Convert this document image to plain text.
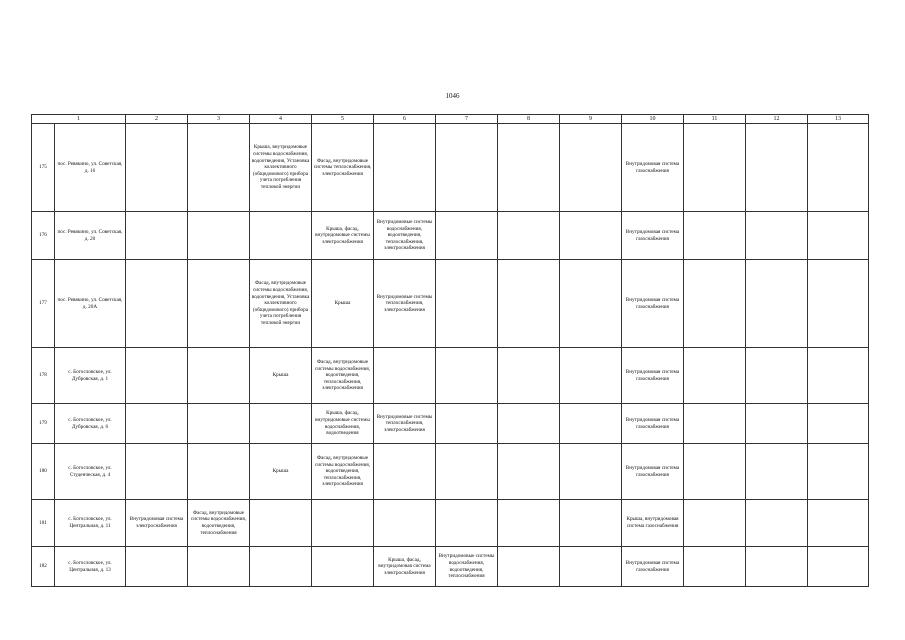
1046
1		2	3	4	5	6	7	8	9	10	11	12	13
175	пос. Ревякино, ул. Советская, д. 16			Крыша, внутридомовые системы водоснабжения, водоотведения, Установка коллективного (общедомового) прибора учета потребления тепловой энергии	Фасад, внутридомовые системы теплоснабжения, электроснабжения					Внутридомовая система газоснабжения			
176	пос. Ревякино, ул. Советская, д. 20				Крыша, фасад, внутридомовые системы электроснабжения	Внутридомовые системы водоснабжения, водоотведения, теплоснабжения, электроснабжения				Внутридомовая система газоснабжения			
177	пос. Ревякино, ул. Советская, д. 20А			Фасад, внутридомовые системы водоснабжения, водоотведения, Установка коллективного (общедомового) прибора учета потребления тепловой энергии	Крыша	Внутридомовые системы теплоснабжения, электроснабжения				Внутридомовая система газоснабжения			
178	с. Богословское, ул. Дубровская, д. 1			Крыша	Фасад, внутридомовые системы водоснабжения, водоотведения, теплоснабжения, электроснабжения					Внутридомовая система газоснабжения			
179	с. Богословское, ул. Дубровская, д. 6				Крыша, фасад, внутридомовые системы водоснабжения, водоотведения	Внутридомовые системы теплоснабжения, электроснабжения				Внутридомовая система газоснабжения			
180	с. Богословское, ул. Студенческая, д. 4			Крыша	Фасад, внутридомовые системы водоснабжения, водоотведения, теплоснабжения, электроснабжения					Внутридомовая система газоснабжения			
181	с. Богословское, ул. Центральная, д. 11	Внутридомовая система электроснабжения	Фасад, внутридомовые системы водоснабжения, водоотведения, теплоснабжения							Крыша, внутридомовая система газоснабжения			
182	с. Богословское, ул. Центральная, д. 13					Крыша, фасад, внутридомовая система электроснабжения	Внутридомовые системы водоснабжения, водоотведения, теплоснабжения			Внутридомовая система газоснабжения			
